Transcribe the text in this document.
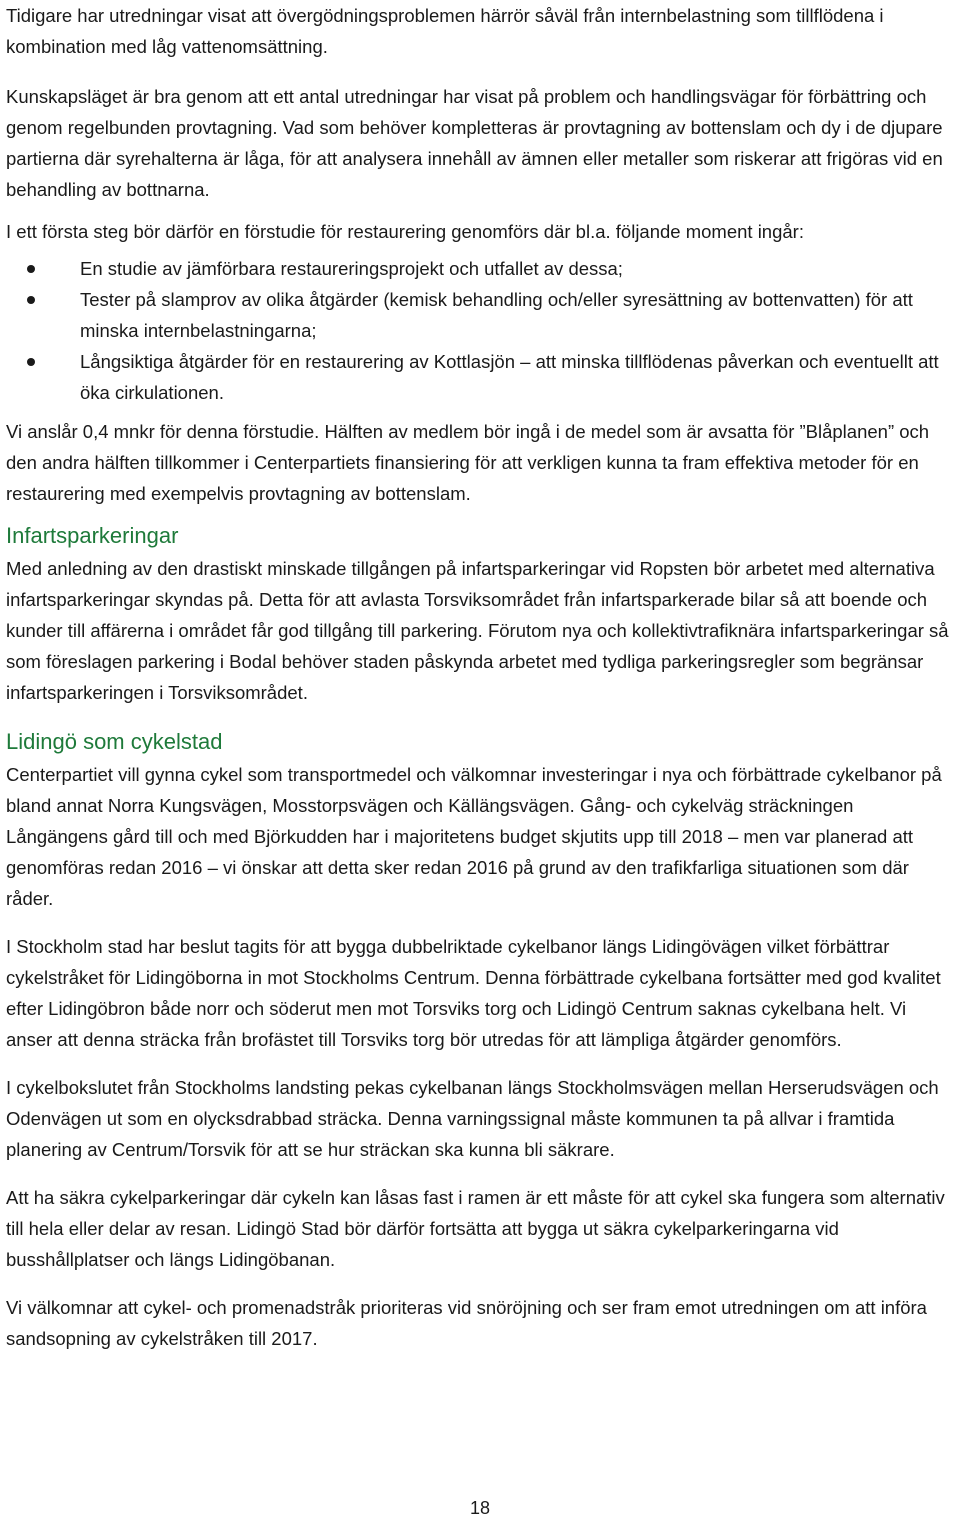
Tidigare har utredningar visat att övergödningsproblemen härrör såväl från internbelastning som tillflödena i kombination med låg vattenomsättning.

Kunskapsläget är bra genom att ett antal utredningar har visat på problem och handlingsvägar för förbättring och genom regelbunden provtagning. Vad som behöver kompletteras är provtagning av bottenslam och dy i de djupare partierna där syrehalterna är låga, för att analysera innehåll av ämnen eller metaller som riskerar att frigöras vid en behandling av bottnarna.

I ett första steg bör därför en förstudie för restaurering genomförs där bl.a. följande moment ingår:

En studie av jämförbara restaureringsprojekt och utfallet av dessa;
Tester på slamprov av olika åtgärder (kemisk behandling och/eller syresättning av bottenvatten) för att minska internbelastningarna;
Långsiktiga åtgärder för en restaurering av Kottlasjön – att minska tillflödenas påverkan och eventuellt att öka cirkulationen.

Vi anslår 0,4 mnkr för denna förstudie. Hälften av medlem bör ingå i de medel som är avsatta för ”Blåplanen” och den andra hälften tillkommer i Centerpartiets finansiering för att verkligen kunna ta fram effektiva metoder för en restaurering med exempelvis provtagning av bottenslam.

Infartsparkeringar

Med anledning av den drastiskt minskade tillgången på infartsparkeringar vid Ropsten bör arbetet med alternativa infartsparkeringar skyndas på. Detta för att avlasta Torsviksområdet från infartsparkerade bilar så att boende och kunder till affärerna i området får god tillgång till parkering. Förutom nya och kollektivtrafiknära infartsparkeringar så som föreslagen parkering i Bodal behöver staden påskynda arbetet med tydliga parkeringsregler som begränsar infartsparkeringen i Torsviksområdet.

Lidingö som cykelstad

Centerpartiet vill gynna cykel som transportmedel och välkomnar investeringar i nya och förbättrade cykelbanor på bland annat Norra Kungsvägen, Mosstorpsvägen och Källängsvägen. Gång- och cykelväg sträckningen Långängens gård till och med Björkudden har i majoritetens budget skjutits upp till 2018 – men var planerad att genomföras redan 2016 – vi önskar att detta sker redan 2016 på grund av den trafikfarliga situationen som där råder.

I Stockholm stad har beslut tagits för att bygga dubbelriktade cykelbanor längs Lidingövägen vilket förbättrar cykelstråket för Lidingöborna in mot Stockholms Centrum. Denna förbättrade cykelbana fortsätter med god kvalitet efter Lidingöbron både norr och söderut men mot Torsviks torg och Lidingö Centrum saknas cykelbana helt. Vi anser att denna sträcka från brofästet till Torsviks torg bör utredas för att lämpliga åtgärder genomförs.

I cykelbokslutet från Stockholms landsting pekas cykelbanan längs Stockholmsvägen mellan Herserudsvägen och Odenvägen ut som en olycksdrabbad sträcka. Denna varningssignal måste kommunen ta på allvar i framtida planering av Centrum/Torsvik för att se hur sträckan ska kunna bli säkrare.

Att ha säkra cykelparkeringar där cykeln kan låsas fast i ramen är ett måste för att cykel ska fungera som alternativ till hela eller delar av resan. Lidingö Stad bör därför fortsätta att bygga ut säkra cykelparkeringarna vid busshållplatser och längs Lidingöbanan.

Vi välkomnar att cykel- och promenadstråk prioriteras vid snöröjning och ser fram emot utredningen om att införa sandsopning av cykelstråken till 2017.

18
